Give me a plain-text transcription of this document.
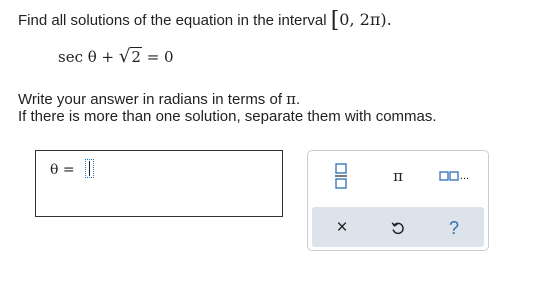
Find all solutions of the equation in the interval [0, 2π).
sec θ + √2 = 0
Write your answer in radians in terms of π.
If there is more than one solution, separate them with commas.
θ =	π	...
×	?
